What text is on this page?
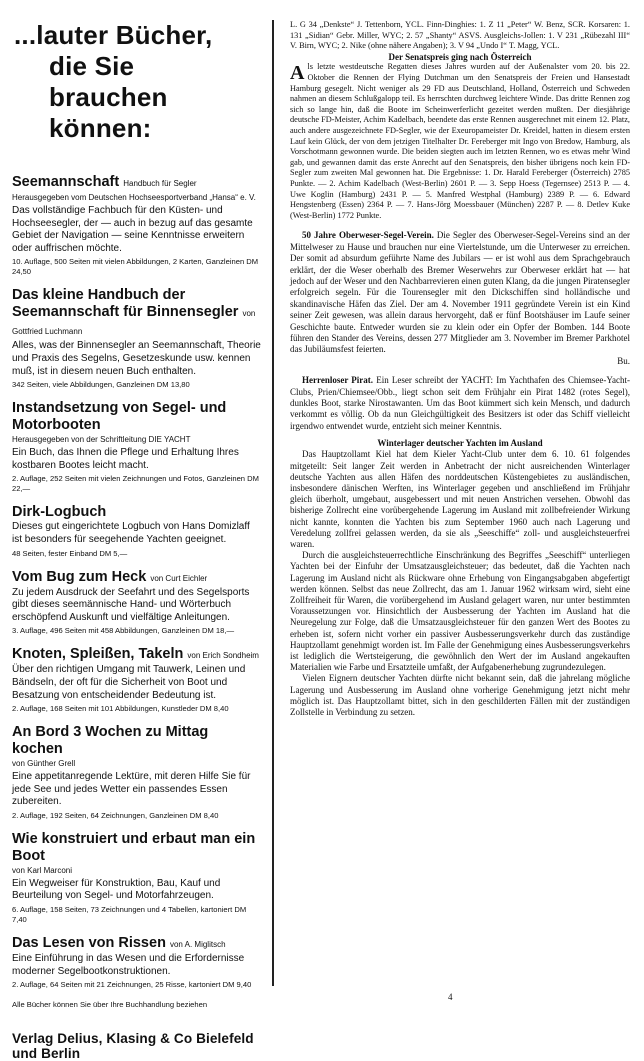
...lauter Bücher,
die Sie
brauchen können:

Seemannschaft Handbuch für Segler

Herausgegeben vom Deutschen Hochseesportverband „Hansa“ e. V.

Das vollständige Fachbuch für den Küsten- und Hochseesegler, der — auch in bezug auf das gesamte Gebiet der Navigation — seine Kenntnisse erweitern oder auffrischen möchte.

10. Auflage, 500 Seiten mit vielen Abbildungen, 2 Karten, Ganzleinen DM 24,50

Das kleine Handbuch der Seemannschaft für Binnensegler von Gottfried Luchmann

Alles, was der Binnensegler an Seemannschaft, Theorie und Praxis des Segelns, Gesetzeskunde usw. kennen muß, ist in diesem neuen Buch enthalten.

342 Seiten, viele Abbildungen, Ganzleinen DM 13,80

Instandsetzung von Segel- und Motorbooten

Herausgegeben von der Schriftleitung DIE YACHT

Ein Buch, das Ihnen die Pflege und Erhaltung Ihres kostbaren Bootes leicht macht.

2. Auflage, 252 Seiten mit vielen Zeichnungen und Fotos, Ganzleinen DM 22,—

Dirk-Logbuch

Dieses gut eingerichtete Logbuch von Hans Domizlaff ist besonders für seegehende Yachten geeignet.

48 Seiten, fester Einband DM 5,—

Vom Bug zum Heck von Curt Eichler

Zu jedem Ausdruck der Seefahrt und des Segelsports gibt dieses seemännische Hand- und Wörterbuch erschöpfend Auskunft und vielfältige Anleitungen.

3. Auflage, 496 Seiten mit 458 Abbildungen, Ganzleinen DM 18,—

Knoten, Spleißen, Takeln von Erich Sondheim

Über den richtigen Umgang mit Tauwerk, Leinen und Bändseln, der oft für die Sicherheit von Boot und Besatzung von entscheidender Bedeutung ist.

2. Auflage, 168 Seiten mit 101 Abbildungen, Kunstleder DM 8,40

An Bord 3 Wochen zu Mittag kochen

von Günther Grell

Eine appetitanregende Lektüre, mit deren Hilfe Sie für jede See und jedes Wetter ein passendes Essen zubereiten.

2. Auflage, 192 Seiten, 64 Zeichnungen, Ganzleinen DM 8,40

Wie konstruiert und erbaut man ein Boot

von Karl Marconi

Ein Wegweiser für Konstruktion, Bau, Kauf und Beurteilung von Segel- und Motorfahrzeugen.

6. Auflage, 158 Seiten, 73 Zeichnungen und 4 Tabellen, kartoniert DM 7,40

Das Lesen von Rissen von A. Miglitsch

Eine Einführung in das Wesen und die Erfordernisse moderner Segelbootkonstruktionen.

2. Auflage, 64 Seiten mit 21 Zeichnungen, 25 Risse, kartoniert DM 9,40

Alle Bücher können Sie über Ihre Buchhandlung beziehen

Verlag Delius, Klasing & Co Bielefeld und Berlin

L. G 34 „Denkste“ J. Tettenborn, YCL. Finn-Dinghies: 1. Z 11 „Peter“ W. Benz, SCR. Korsaren: 1. 131 „Sidian“ Gebr. Miller, WYC; 2. 57 „Shanty“ ASVS. Ausgleichs-Jollen: 1. V 231 „Rübezahl III“ V. Birn, WYC; 2. Nike (ohne nähere Angaben); 3. V 94 „Undo I“ T. Magg, YCL.

Der Senatspreis ging nach Österreich

Als letzte westdeutsche Regatten dieses Jahres wurden auf der Außenalster vom 20. bis 22. Oktober die Rennen der Flying Dutchman um den Senatspreis der Freien und Hansestadt Hamburg gesegelt. Nicht weniger als 29 FD aus Deutschland, Holland, Österreich und Schweden nahmen an diesem Schlußgalopp teil. Es herrschten durchweg leichtere Winde. Das dritte Rennen zog sich so lange hin, daß die Boote im Scheinwerferlicht gezeitet werden mußten. Der diesjährige deutsche FD-Meister, Achim Kadelbach, beendete das erste Rennen ausgerechnet mit einem 12. Platz, auch andere ausgezeichnete FD-Segler, wie der Exeuropameister Dr. Kreidel, hatten in diesem ersten Lauf kein Glück, der von dem jetzigen Titelhalter Dr. Fereberger mit Ingo von Bredow, Hamburg, als Vorschotmann gewonnen wurde. Die beiden siegten auch im letzten Rennen, wo es etwas mehr Wind gab, und gewannen damit das erste Anrecht auf den Senatspreis, den bisher übrigens noch kein FD-Segler zum zweiten Mal gewonnen hat. Die Ergebnisse: 1. Dr. Harald Fereberger (Österreich) 2785 Punkte. — 2. Achim Kadelbach (West-Berlin) 2601 P. — 3. Sepp Hoess (Tegernsee) 2513 P. — 4. Uwe Koglin (Hamburg) 2431 P. — 5. Manfred Westphal (Hamburg) 2389 P. — 6. Edward Hengstenberg (Essen) 2364 P. — 7. Hans-Jörg Moessbauer (München) 2287 P. — 8. Detlev Kuke (West-Berlin) 1772 Punkte.

50 Jahre Oberweser-Segel-Verein. Die Segler des Oberweser-Segel-Vereins sind an der Mittelweser zu Hause und brauchen nur eine Viertelstunde, um die Unterweser zu erreichen. Der somit ad absurdum geführte Name des Jubilars — er ist wohl aus dem Sprachgebrauch erklärt, der die Weser oberhalb des Bremer Weserwehrs zur Oberweser erklärt hat — hat jedoch auf der Weser und den Nachbarrevieren einen guten Klang, da die jungen Piratensegler erfolgreich segeln. Für die Tourensegler mit den Dickschiffen sind holländische und skandinavische Häfen das Ziel. Der am 4. November 1911 gegründete Verein ist ein Kind seiner Zeit gewesen, was allein daraus hervorgeht, daß er fünf Bootshäuser im Laufe seiner Geschichte baute. Entweder wurden sie zu klein oder ein Opfer der Bomben. 144 Boote führen den Stander des Vereins, dessen 277 Mitglieder am 3. November im Bremer Parkhotel das Jubiläumsfest feierten.

Bu.

Herrenloser Pirat. Ein Leser schreibt der YACHT: Im Yachthafen des Chiemsee-Yacht-Clubs, Prien/Chiemsee/Obb., liegt schon seit dem Frühjahr ein Pirat 1482 (rotes Segel), dunkles Boot, starke Nirostawanten. Um das Boot kümmert sich kein Mensch, und dadurch verkommt es völlig. Ob da nun Gleichgültigkeit des Besitzers ist oder das Schiff vielleicht irgendwo entwendet wurde, entzieht sich meiner Kenntnis.

Winterlager deutscher Yachten im Ausland

Das Hauptzollamt Kiel hat dem Kieler Yacht-Club unter dem 6. 10. 61 folgendes mitgeteilt: Seit langer Zeit werden in Anbetracht der nicht ausreichenden Winterlager deutsche Yachten aus allen Häfen des norddeutschen Küstengebietes zu ausländischen, insbesondere dänischen Werften, ins Winterlager gegeben und anschließend im Frühjahr gleich überholt, umgebaut, ausgebessert und mit neuen Anstrichen versehen. Obwohl das bisherige Zollrecht eine vorübergehende Lagerung im Ausland mit zollbefreiender Wirkung nicht kannte, konnten die Yachten bis zum September 1960 auch nach Lagerung und Veredelung zollfrei gelassen werden, da sie als „Seeschiffe“ zoll- und ausgleichsteuerfrei waren.

Durch die ausgleichsteuerrechtliche Einschränkung des Begriffes „Seeschiff“ unterliegen Yachten bei der Einfuhr der Umsatzausgleichsteuer; das bedeutet, daß die Yachten nach Lagerung im Ausland nicht als Rückware ohne Erhebung von Eingangsabgaben abgefertigt werden können. Selbst das neue Zollrecht, das am 1. Januar 1962 wirksam wird, sieht eine Zollfreiheit für Waren, die vorübergehend im Ausland gelagert waren, nur unter bestimmten Voraussetzungen vor. Hinsichtlich der Ausbesserung der Yachten im Ausland hat die Neuregelung zur Folge, daß die Umsatzausgleichsteuer für den ganzen Wert des Bootes zu erheben ist, sofern nicht vorher ein passiver Ausbesserungsverkehr durch das zuständige Hauptzollamt genehmigt worden ist. Im Falle der Genehmigung eines Ausbesserungsverkehrs ist lediglich die Wertsteigerung, die gewöhnlich den Wert der im Ausland angekauften Materialien wie Farbe und Ersatzteile umfaßt, der Aufgabenerhebung zugrundezulegen.

Vielen Eignern deutscher Yachten dürfte nicht bekannt sein, daß die jahrelang mögliche Lagerung und Ausbesserung im Ausland ohne vorherige Genehmigung jetzt nicht mehr möglich ist. Das Hauptzollamt bittet, sich in den geschilderten Fällen mit der zuständigen Zollstelle in Verbindung zu setzen.

4
